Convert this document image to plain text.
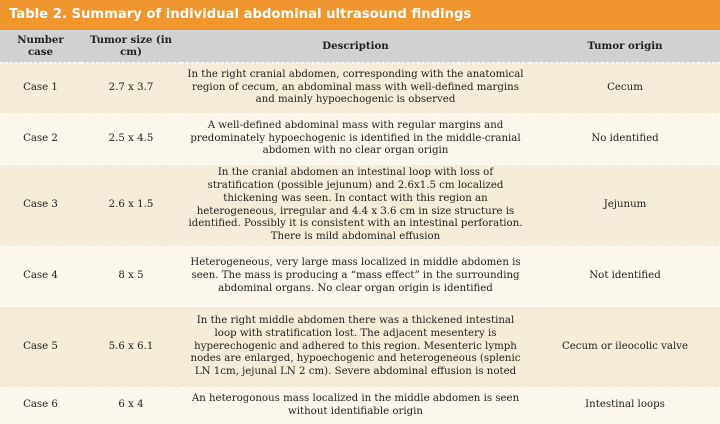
Table 2. Summary of individual abdominal ultrasound findings
Number case	Tumor size (in cm)	Description	Tumor origin
Case 1	2.7 x 3.7	In the right cranial abdomen, corresponding with the anatomical region of cecum, an abdominal mass with well-defined margins and mainly hypoechogenic is observed	Cecum
Case 2	2.5 x 4.5	A well-defined abdominal mass with regular margins and predominately hypoechogenic is identified in the middle-cranial abdomen with no clear organ origin	No identified
Case 3	2.6 x 1.5	In the cranial abdomen an intestinal loop with loss of stratification (possible jejunum) and 2.6x1.5 cm localized thickening was seen. In contact with this region an heterogeneous, irregular and 4.4 x 3.6 cm in size structure is identified. Possibly it is consistent with an intestinal perforation. There is mild abdominal effusion	Jejunum
Case 4	8 x 5	Heterogeneous, very large mass localized in middle abdomen is seen. The mass is producing a “mass effect” in the surrounding abdominal organs. No clear organ origin is identified	Not identified
Case 5	5.6 x 6.1	In the right middle abdomen there was a thickened intestinal loop with stratification lost. The adjacent mesentery is hyperechogenic and adhered to this region. Mesenteric lymph nodes are enlarged, hypoechogenic and heterogeneous (splenic LN 1cm, jejunal LN 2 cm). Severe abdominal effusion is noted	Cecum or ileocolic valve
Case 6	6 x 4	An heterogonous mass localized in the middle abdomen is seen without identifiable origin	Intestinal loops
